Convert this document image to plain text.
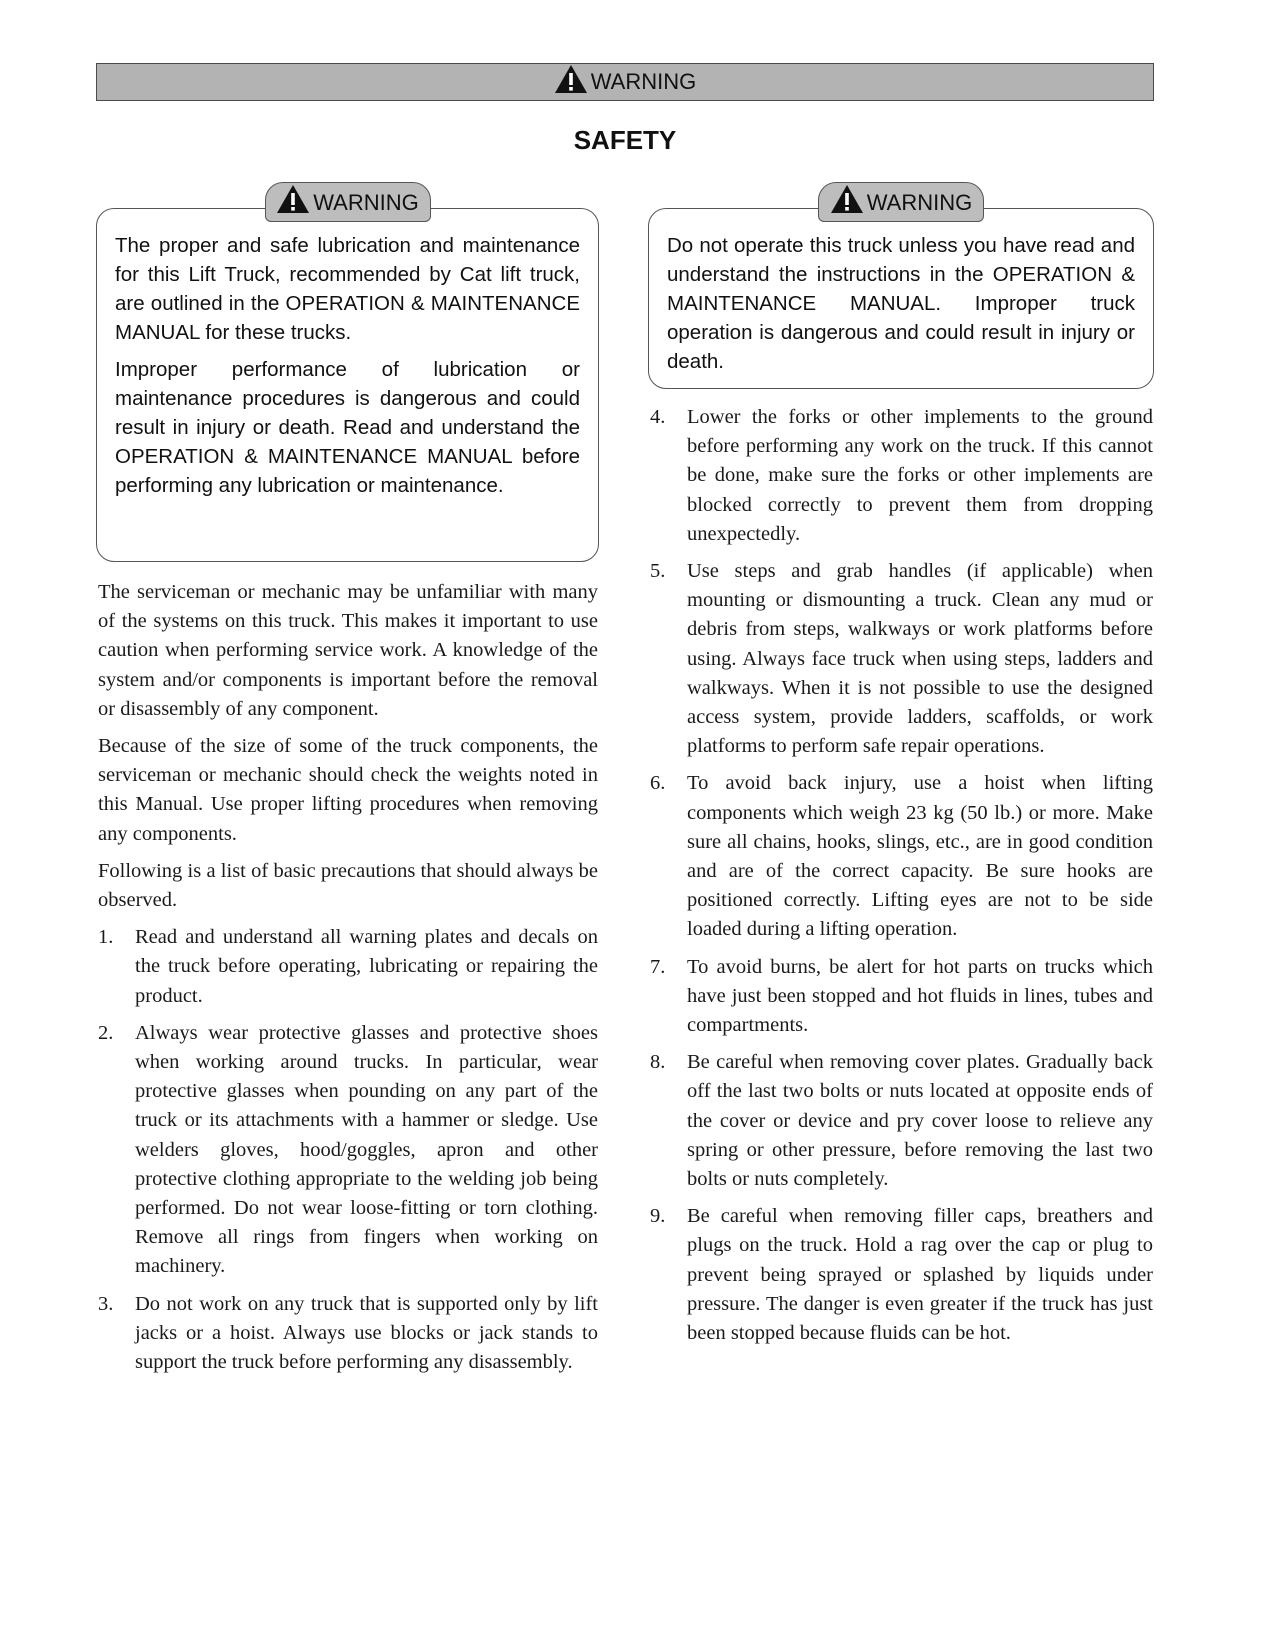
WARNING
SAFETY
WARNING

The proper and safe lubrication and maintenance for this Lift Truck, recommended by Cat lift truck, are outlined in the OPERATION & MAINTENANCE MANUAL for these trucks.

Improper performance of lubrication or maintenance procedures is dangerous and could result in injury or death. Read and understand the OPERATION & MAINTENANCE MANUAL before performing any lubrication or maintenance.

WARNING

Do not operate this truck unless you have read and understand the instructions in the OPERATION & MAINTENANCE MANUAL. Improper truck operation is dangerous and could result in injury or death.

The serviceman or mechanic may be unfamiliar with many of the systems on this truck. This makes it important to use caution when performing service work. A knowledge of the system and/or components is important before the removal or disassembly of any component.

Because of the size of some of the truck components, the serviceman or mechanic should check the weights noted in this Manual. Use proper lifting procedures when removing any components.

Following is a list of basic precautions that should always be observed.

1. Read and understand all warning plates and decals on the truck before operating, lubricating or repairing the product.
2. Always wear protective glasses and protective shoes when working around trucks. In particular, wear protective glasses when pounding on any part of the truck or its attachments with a hammer or sledge. Use welders gloves, hood/goggles, apron and other protective clothing appropriate to the welding job being performed. Do not wear loose-fitting or torn clothing. Remove all rings from fingers when working on machinery.
3. Do not work on any truck that is supported only by lift jacks or a hoist. Always use blocks or jack stands to support the truck before performing any disassembly.
4. Lower the forks or other implements to the ground before performing any work on the truck. If this cannot be done, make sure the forks or other implements are blocked correctly to prevent them from dropping unexpectedly.
5. Use steps and grab handles (if applicable) when mounting or dismounting a truck. Clean any mud or debris from steps, walkways or work platforms before using. Always face truck when using steps, ladders and walkways. When it is not possible to use the designed access system, provide ladders, scaffolds, or work platforms to perform safe repair operations.
6. To avoid back injury, use a hoist when lifting components which weigh 23 kg (50 lb.) or more. Make sure all chains, hooks, slings, etc., are in good condition and are of the correct capacity. Be sure hooks are positioned correctly. Lifting eyes are not to be side loaded during a lifting operation.
7. To avoid burns, be alert for hot parts on trucks which have just been stopped and hot fluids in lines, tubes and compartments.
8. Be careful when removing cover plates. Gradually back off the last two bolts or nuts located at opposite ends of the cover or device and pry cover loose to relieve any spring or other pressure, before removing the last two bolts or nuts completely.
9. Be careful when removing filler caps, breathers and plugs on the truck. Hold a rag over the cap or plug to prevent being sprayed or splashed by liquids under pressure. The danger is even greater if the truck has just been stopped because fluids can be hot.
